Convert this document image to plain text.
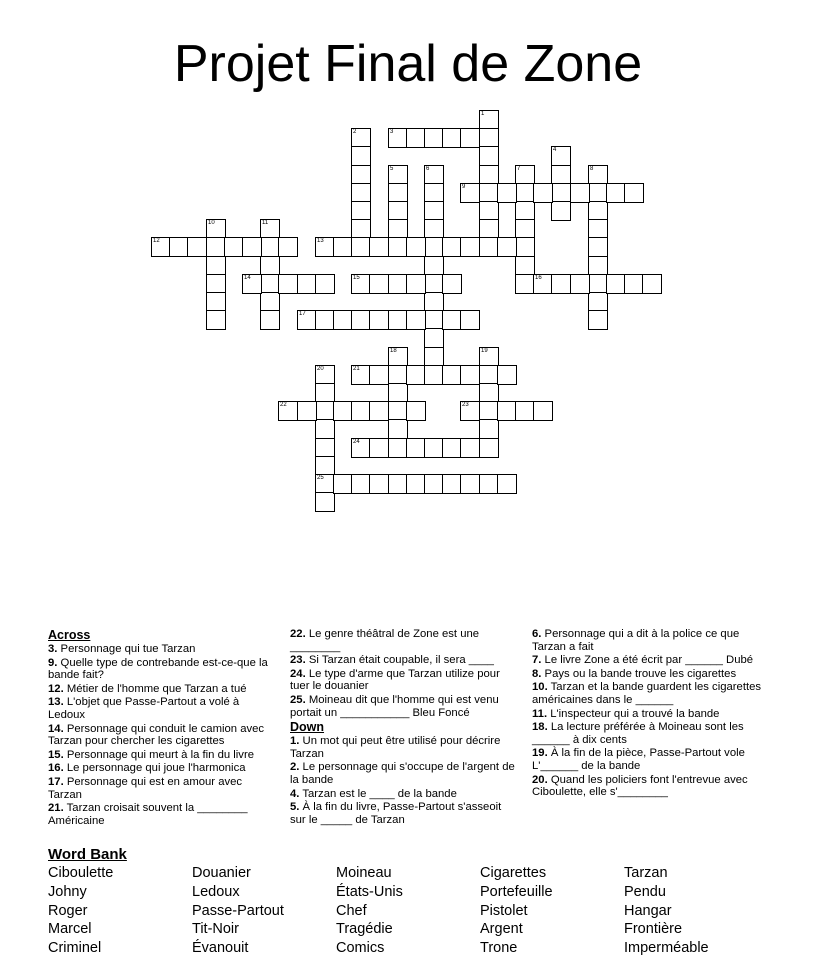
Projet Final de Zone
1
2	3
4
5	6	7	8
9
10	11
12	13
14	15	16
17
18	19
20
25
21
22	23
24
Across
3. Personnage qui tue Tarzan
9. Quelle type de contrebande est-ce-que la bande fait?
12. Métier de l'homme que Tarzan a tué
13. L'objet que Passe-Partout a volé à Ledoux
14. Personnage qui conduit le camion avec Tarzan pour chercher les cigarettes
15. Personnage qui meurt à la fin du livre
16. Le personnage qui joue l'harmonica
17. Personnage qui est en amour avec Tarzan
21. Tarzan croisait souvent la ________ Américaine
22. Le genre théâtral de Zone est une ________
23. Si Tarzan était coupable, il sera ____
24. Le type d'arme que Tarzan utilize pour tuer le douanier
25. Moineau dit que l'homme qui est venu portait un ___________ Bleu Foncé
Down
1. Un mot qui peut être utilisé pour décrire Tarzan
2. Le personnage qui s'occupe de l'argent de la bande
4. Tarzan est le ____ de la bande
5. À la fin du livre, Passe-Partout s'asseoit sur le _____ de Tarzan
6. Personnage qui a dit à la police ce que Tarzan a fait
7. Le livre Zone a été écrit par ______ Dubé
8. Pays ou la bande trouve les cigarettes
10. Tarzan et la bande guardent les cigarettes américaines dans le ______
11. L'inspecteur qui a trouvé la bande
18. La lecture préférée à Moineau sont les ______ à dix cents
19. À la fin de la pièce, Passe-Partout vole L'______ de la bande
20. Quand les policiers font l'entrevue avec Ciboulette, elle s'________
Word Bank
Ciboulette
Johny
Roger
Marcel
Criminel
Douanier
Ledoux
Passe-Partout
Tit-Noir
Évanouit
Moineau
États-Unis
Chef
Tragédie
Comics
Cigarettes
Portefeuille
Pistolet
Argent
Trone
Tarzan
Pendu
Hangar
Frontière
Imperméable
